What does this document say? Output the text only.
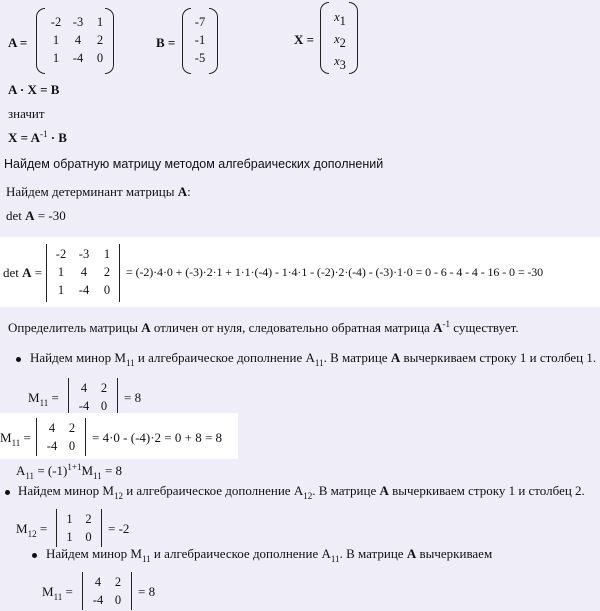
A =
-2 -3	1
1	4	2
1	-4	0
B =
-7
-1
-5
X =
x1
x2
x3
A · X = B
значит
$X = A^{-1} \cdot B$
Найдем обратную матрицу методом алгебраических дополнений
Найдем детерминант матрицы A:
det A = -30
det A =
-2	-3	1
1	4	2
1	-4	0
= (-2)·4·0 + (-3)·2·1 + 1·1·(-4) - 1·4·1 - (-2)·2·(-4) - (-3)·1·0 = 0 - 6 - 4 - 4 - 16 - 0 = -30
Определитель матрицы A отличен от нуля, следовательно обратная матрица $A^{-1}$ существует.
Найдем минор $M_{11}$ и алгебраическое дополнение $A_{11}$. В матрице A вычеркиваем строку 1 и столбец 1.
$M_{11}$ =
4	2
-4 0
= 8
$M_{11}$ =
4	2
-4 0
= 4·0 - (-4)·2 = 0 + 8 = 8
$A_{11} = (-1)^{1+1}M_{11} = 8$
Найдем минор $M_{12}$ и алгебраическое дополнение $A_{12}$. В матрице A вычеркиваем строку 1 и столбец 2.
$M_{12}$ =
1	2
1	0
= -2
Найдем минор $M_{11}$ и алгебраическое дополнение $A_{11}$. В матрице A вычеркиваем
$M_{11}$ =
4	2
-4 0
= 8
